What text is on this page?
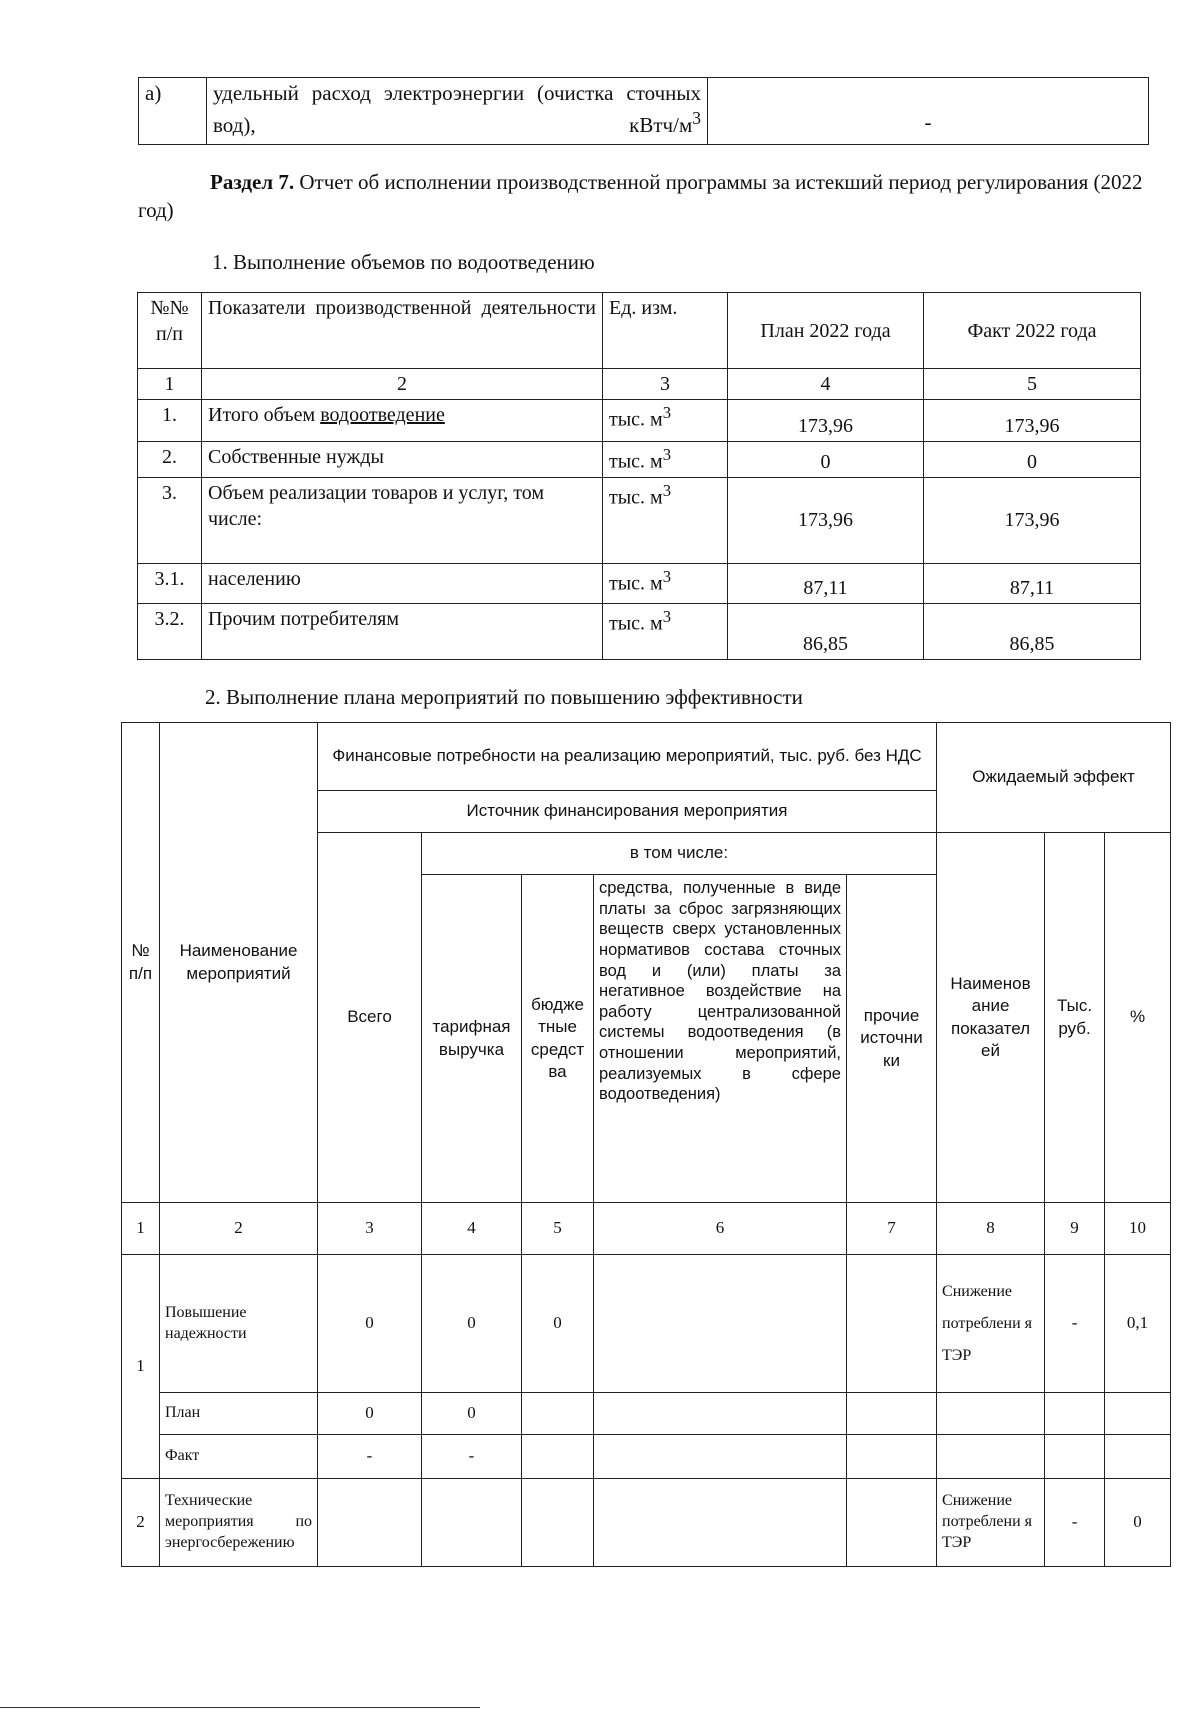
а)	удельный расход электроэнергии (очистка сточных вод), кВтч/$м^3$	-
Раздел 7. Отчет об исполнении производственной программы за истекший период регулирования (2022 год)
1. Выполнение объемов по водоотведению
№№ п/п	Показатели производственной деятельности	Ед. изм.	План 2022 года	Факт 2022 года
1	2	3	4	5
1.	Итого объем водоотведение	тыс. $м^3$	173,96	173,96
2.	Собственные нужды	тыс. $м^3$	0	0
3.	Объем реализации товаров и услуг, том числе:	тыс. $м^3$	173,96	173,96
3.1.	населению	тыс. $м^3$	87,11	87,11
3.2.	Прочим потребителям	тыс. $м^3$	86,85	86,85
2. Выполнение плана мероприятий по повышению эффективности
№ п/п	Наименование мероприятий	Финансовые потребности на реализацию мероприятий, тыс. руб. без НДС					Ожидаемый эффект		
		Источник финансирования мероприятия							
		Всего	в том числе:				Наименов ание показател ей	Тыс. руб.	%
			тарифная выручка	бюдже тные средст ва	средства, полученные в виде платы за сброс загрязняющих веществ сверх установленных нормативов состава сточных вод и (или) платы за негативное воздействие на работу централизованной системы водоотведения (в отношении мероприятий, реализуемых в сфере водоотведения)	прочие источни ки			
1	2	3	4	5	6	7	8	9	10
1	Повышение надежности	0	0	0			Снижение потреблени я ТЭР	-	0,1
	План	0	0						
	Факт	-	-						
2	Технические мероприятия по энергосбережению						Снижение потреблени я ТЭР	-	0
